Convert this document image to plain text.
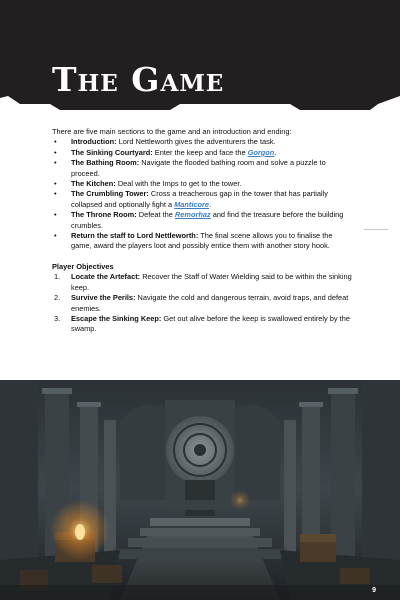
The Game

There are five main sections to the game and an introduction and ending:

• Introduction: Lord Nettleworth gives the adventurers the task.
• The Sinking Courtyard: Enter the keep and face the Gorgon.
• The Bathing Room: Navigate the flooded bathing room and solve a puzzle to proceed.
• The Kitchen: Deal with the Imps to get to the tower.
• The Crumbling Tower: Cross a treacherous gap in the tower that has partially collapsed and optionally fight a Manticore.
• The Throne Room: Defeat the Remorhaz and find the treasure before the building crumbles.
• Return the staff to Lord Nettleworth: The final scene allows you to finalise the game, award the players loot and possibly entice them with another story hook.

Player Objectives

1. Locate the Artefact: Recover the Staff of Water Wielding said to be within the sinking keep.
2. Survive the Perils: Navigate the cold and dangerous terrain, avoid traps, and defeat enemies.
3. Escape the Sinking Keep: Get out alive before the keep is swallowed entirely by the swamp.
9
